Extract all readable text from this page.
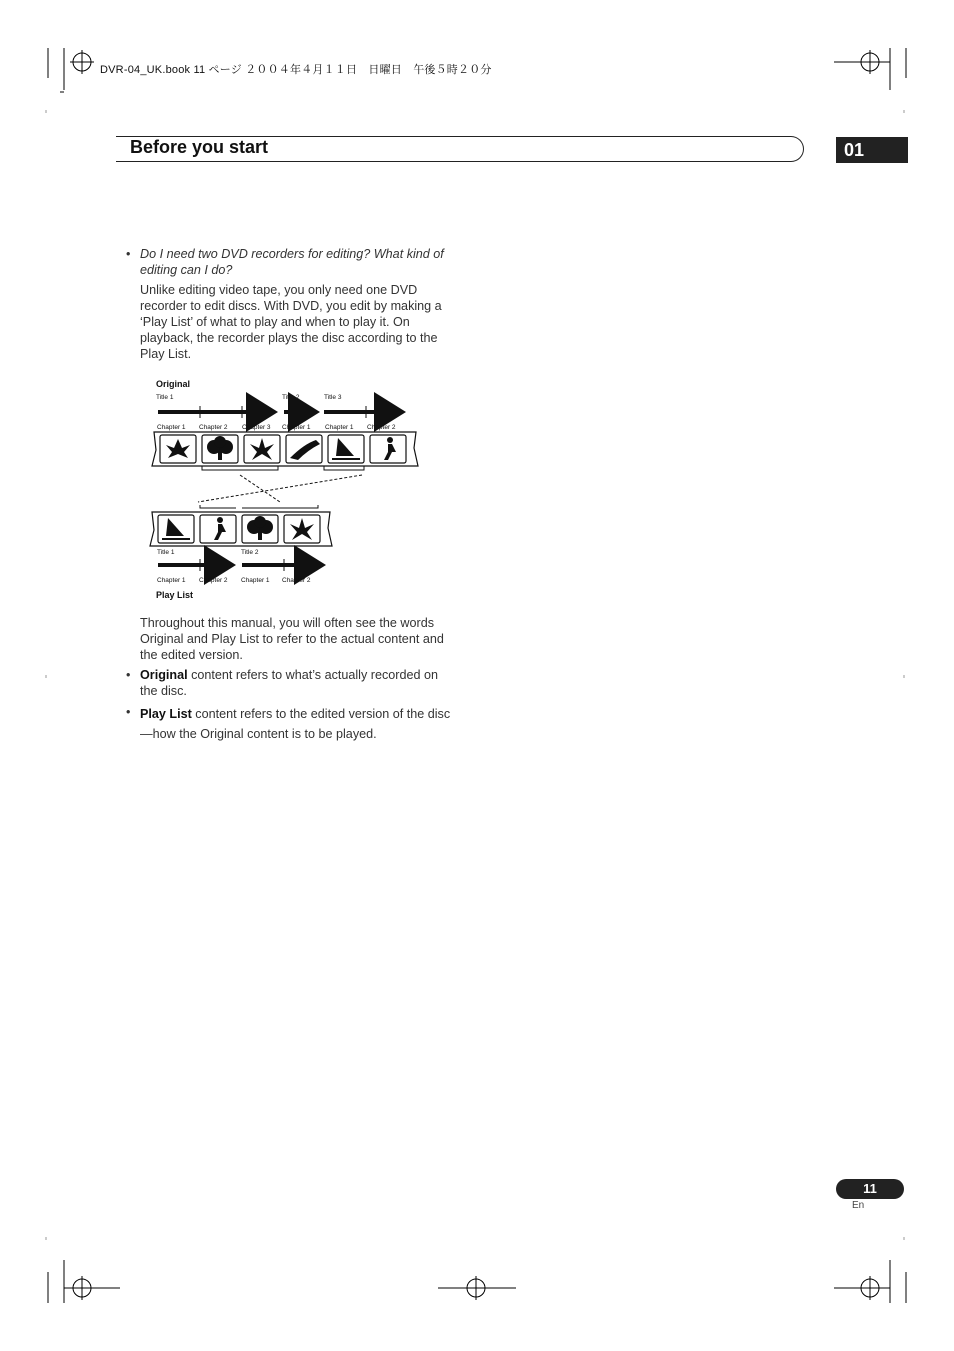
DVR-04_UK.book 11 ページ ２００４年４月１１日　日曜日　午後５時２０分
Before you start	01
• Do I need two DVD recorders for editing? What kind of editing can I do?
Unlike editing video tape, you only need one DVD recorder to edit discs. With DVD, you edit by making a ‘Play List’ of what to play and when to play it. On playback, the recorder plays the disc according to the Play List.
Original
Title 1	Title 2	Title 3
Chapter 1 Chapter 2 Chapter 3 Chapter 1 Chapter 1 Chapter 2
Title 1	Title 2
Chapter 1 Chapter 2 Chapter 1 Chapter 2
Play List
Throughout this manual, you will often see the words Original and Play List to refer to the actual content and the edited version.
• Original content refers to what’s actually recorded on the disc.
• Play List content refers to the edited version of the disc—how the Original content is to be played.
11
En
